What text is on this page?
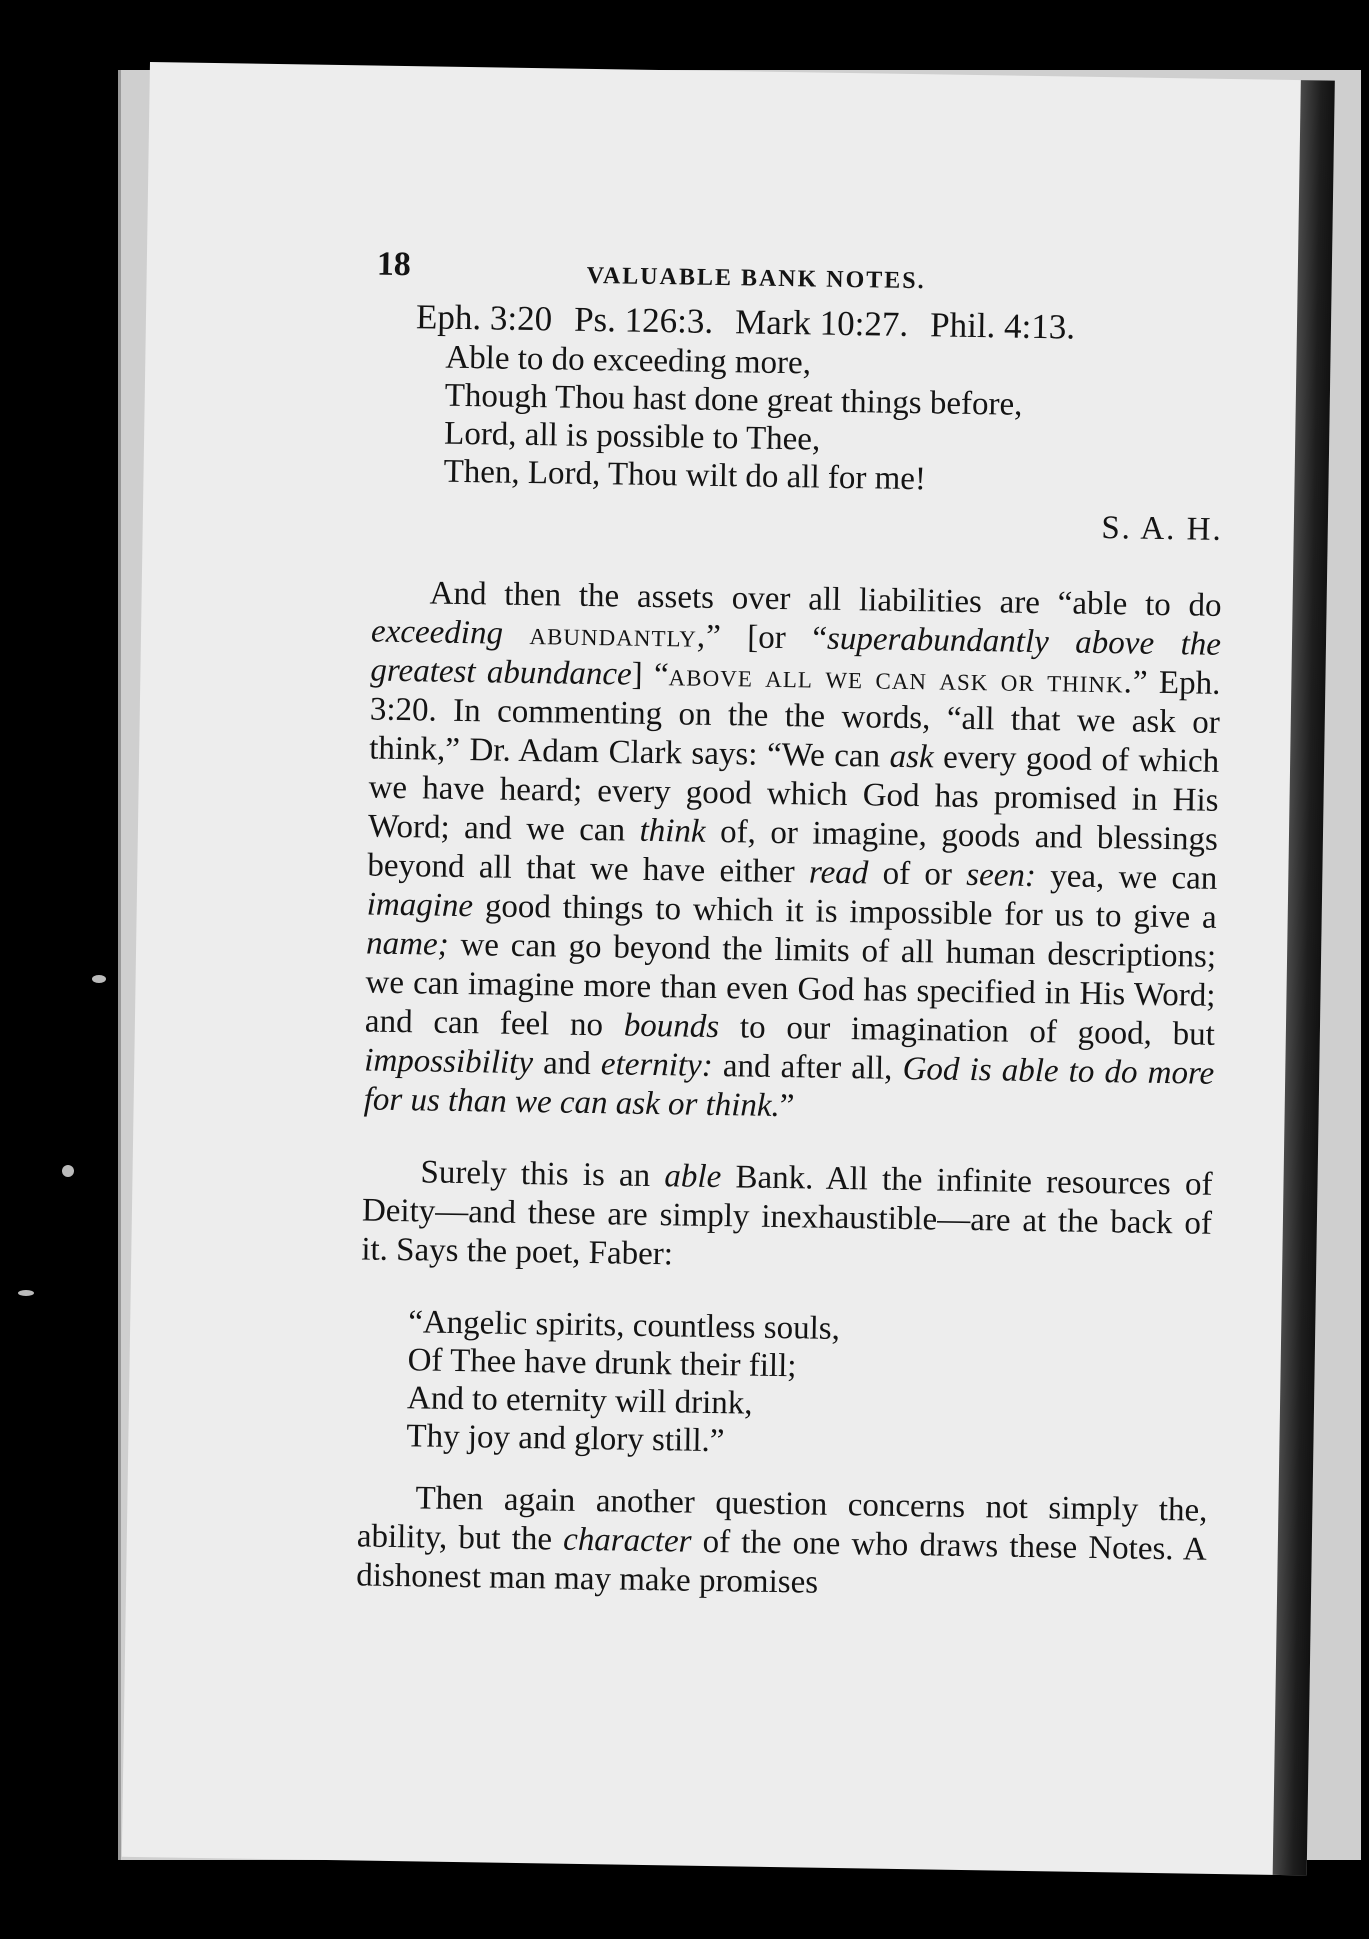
18	VALUABLE BANK NOTES.
Eph. 3:20 Ps. 126:3. Mark 10:27. Phil. 4:13.
Able to do exceeding more,
Though Thou hast done great things before,
Lord, all is possible to Thee,
Then, Lord, Thou wilt do all for me!
S. A. H.

And then the assets over all liabilities are “able to do exceeding abundantly,” [or “superabundantly above the greatest abundance] “above all we can ask or think.” Eph. 3:20. In commenting on the the words, “all that we ask or think,” Dr. Adam Clark says: “We can ask every good of which we have heard; every good which God has promised in His Word; and we can think of, or imagine, goods and blessings beyond all that we have either read of or seen: yea, we can imagine good things to which it is impossible for us to give a name; we can go beyond the limits of all human descriptions; we can imagine more than even God has specified in His Word; and can feel no bounds to our imagination of good, but impossibility and eternity: and after all, God is able to do more for us than we can ask or think.”

Surely this is an able Bank. All the infinite resources of Deity—and these are simply inexhaustible—are at the back of it. Says the poet, Faber:

“Angelic spirits, countless souls,
Of Thee have drunk their fill;
And to eternity will drink,
Thy joy and glory still.”

Then again another question concerns not simply the, ability, but the character of the one who draws these Notes. A dishonest man may make promises
